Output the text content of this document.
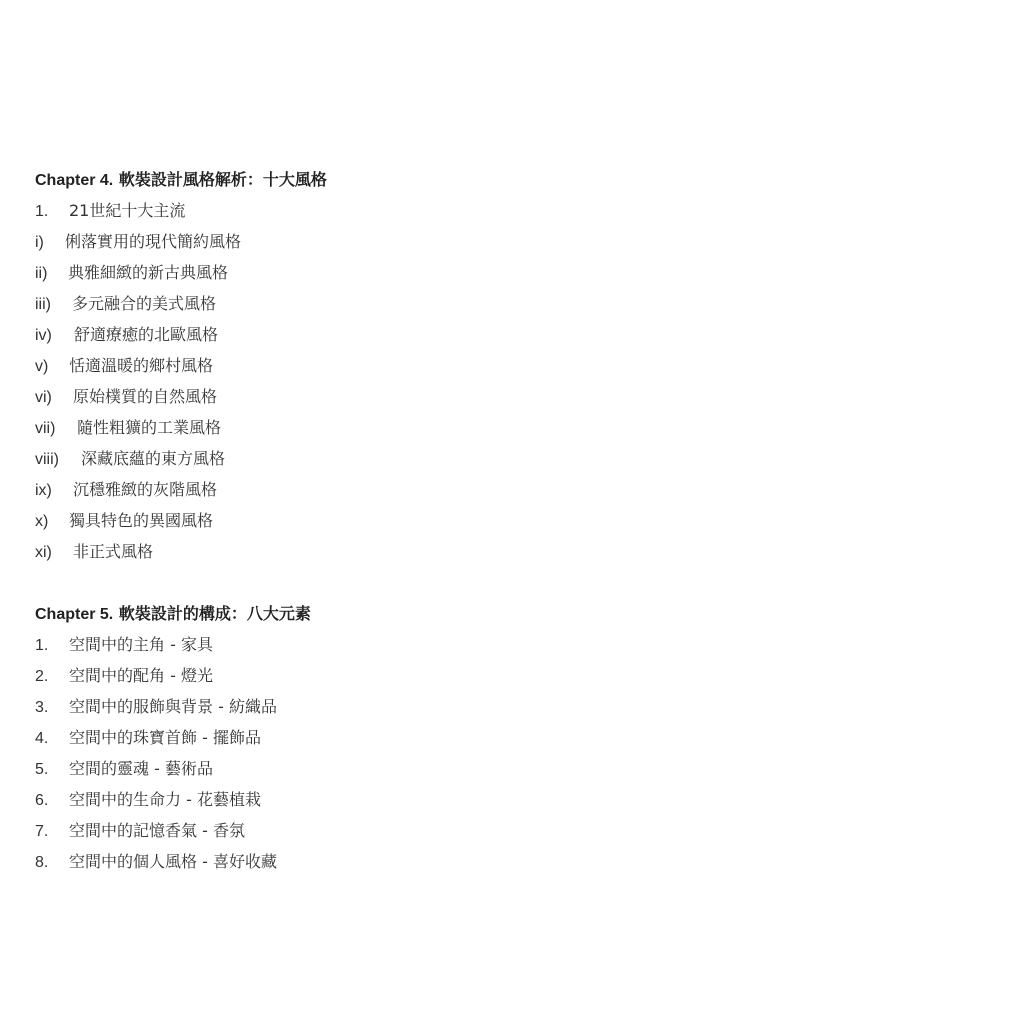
Chapter 4. 軟裝設計風格解析：十大風格
1. 21世紀十大主流
i) 俐落實用的現代簡約風格
ii) 典雅細緻的新古典風格
iii) 多元融合的美式風格
iv) 舒適療癒的北歐風格
v) 恬適溫暖的鄉村風格
vi) 原始樸質的自然風格
vii) 隨性粗獷的工業風格
viii) 深藏底蘊的東方風格
ix) 沉穩雅緻的灰階風格
x) 獨具特色的異國風格
xi) 非正式風格
Chapter 5. 軟裝設計的構成：八大元素
1. 空間中的主角 - 家具
2. 空間中的配角 - 燈光
3. 空間中的服飾與背景 - 紡織品
4. 空間中的珠寶首飾 - 擺飾品
5. 空間的靈魂 - 藝術品
6. 空間中的生命力 - 花藝植栽
7. 空間中的記憶香氣 - 香氛
8. 空間中的個人風格 - 喜好收藏
